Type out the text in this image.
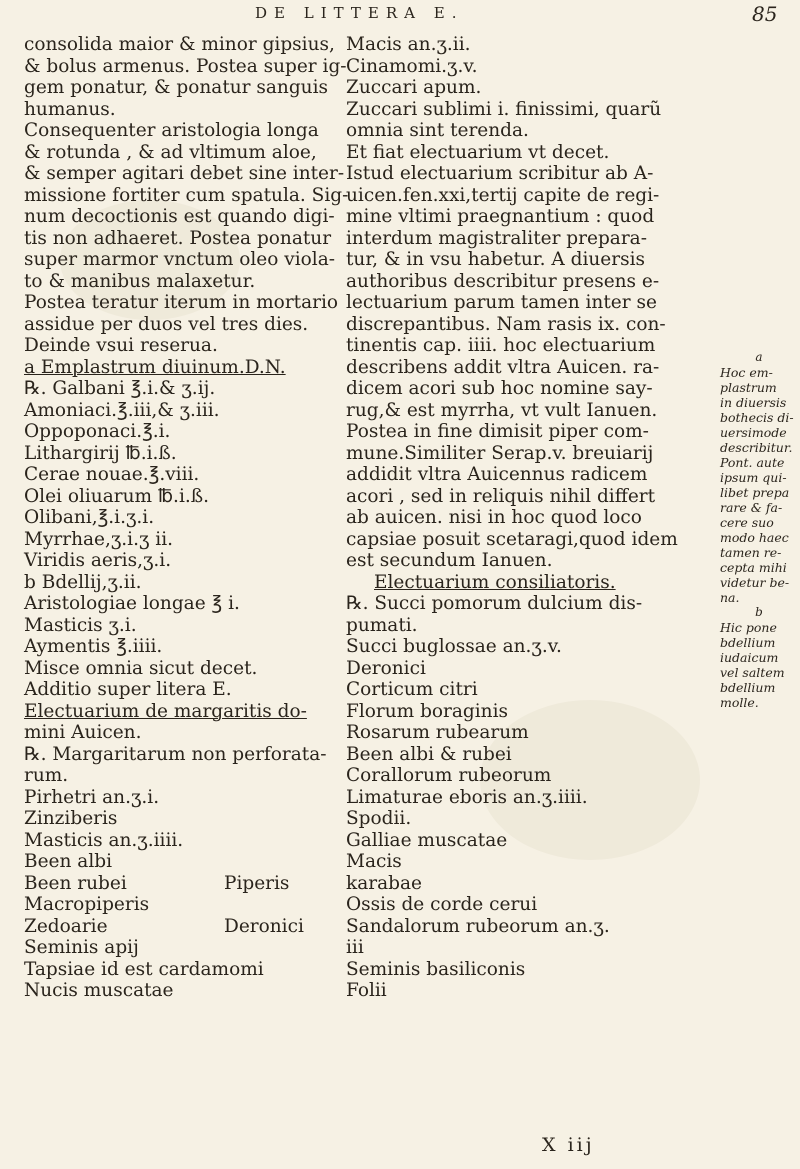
DE LITTERA E.	85
consolida maior & minor gipsius,
& bolus armenus. Postea super ig-
gem ponatur, & ponatur sanguis
humanus.
Consequenter aristologia longa
& rotunda , & ad vltimum aloe,
& semper agitari debet sine inter-
missione fortiter cum spatula. Sig-
num decoctionis est quando digi-
tis non adhaeret. Postea ponatur
super marmor vnctum oleo viola-
to & manibus malaxetur.
Postea teratur iterum in mortario
assidue per duos vel tres dies.
Deinde vsui reserua.
a Emplastrum diuinum.D.N.
℞. Galbani ℥.i.& ʒ.ij.
Amoniaci.℥.iii,& ʒ.iii.
Oppoponaci.℥.i.
Lithargirij ℔.i.ß.
Cerae nouae.℥.viii.
Olei oliuarum ℔.i.ß.
Olibani,℥.i.ʒ.i.
Myrrhae,ʒ.i.ʒ ii.
Viridis aeris,ʒ.i.
b Bdellij,ʒ.ii.
Aristologiae longae ℥ i.
Masticis ʒ.i.
Aymentis ℥.iiii.
Misce omnia sicut decet.
Additio super litera E.
Electuarium de margaritis do-
mini Auicen.
℞. Margaritarum non perforata-
rum.
Pirhetri an.ʒ.i.
Zinziberis
Masticis an.ʒ.iiii.
Been albi
Been rubei	Piperis
Macropiperis
Zedoarie	Deronici
Seminis apij
Tapsiae id est cardamomi
Nucis muscatae
Macis an.ʒ.ii.
Cinamomi.ʒ.v.
Zuccari apum.
Zuccari sublimi i. finissimi, quarũ
omnia sint terenda.
Et fiat electuarium vt decet.
Istud electuarium scribitur ab A-
uicen.fen.xxi,tertij capite de regi-
mine vltimi praegnantium : quod
interdum magistraliter prepara-
tur, & in vsu habetur. A diuersis
authoribus describitur presens e-
lectuarium parum tamen inter se
discrepantibus. Nam rasis ix. con-
tinentis cap. iiii. hoc electuarium
describens addit vltra Auicen. ra-
dicem acori sub hoc nomine say-
rug,& est myrrha, vt vult Ianuen.
Postea in fine dimisit piper com-
mune.Similiter Serap.v. breuiarij
addidit vltra Auicennus radicem
acori , sed in reliquis nihil differt
ab auicen. nisi in hoc quod loco
capsiae posuit scetaragi,quod idem
est secundum Ianuen.
Electuarium consiliatoris.
℞. Succi pomorum dulcium dis-
pumati.
Succi buglossae an.ʒ.v.
Deronici
Corticum citri
Florum boraginis
Rosarum rubearum
Been albi & rubei
Corallorum rubeorum
Limaturae eboris an.ʒ.iiii.
Spodii.
Galliae muscatae
Macis
karabae
Ossis de corde cerui
Sandalorum rubeorum an.ʒ.
iii
Seminis basiliconis
Folii
a
Hoc em-
plastrum
in diuersis
bothecis di-
uersimode
describitur.
Pont. aute
ipsum qui-
libet prepa
rare & fa-
cere suo
modo haec
tamen re-
cepta mihi
videtur be-
na.
b
Hic pone
bdellium
iudaicum
vel saltem
bdellium
molle.
X iij
